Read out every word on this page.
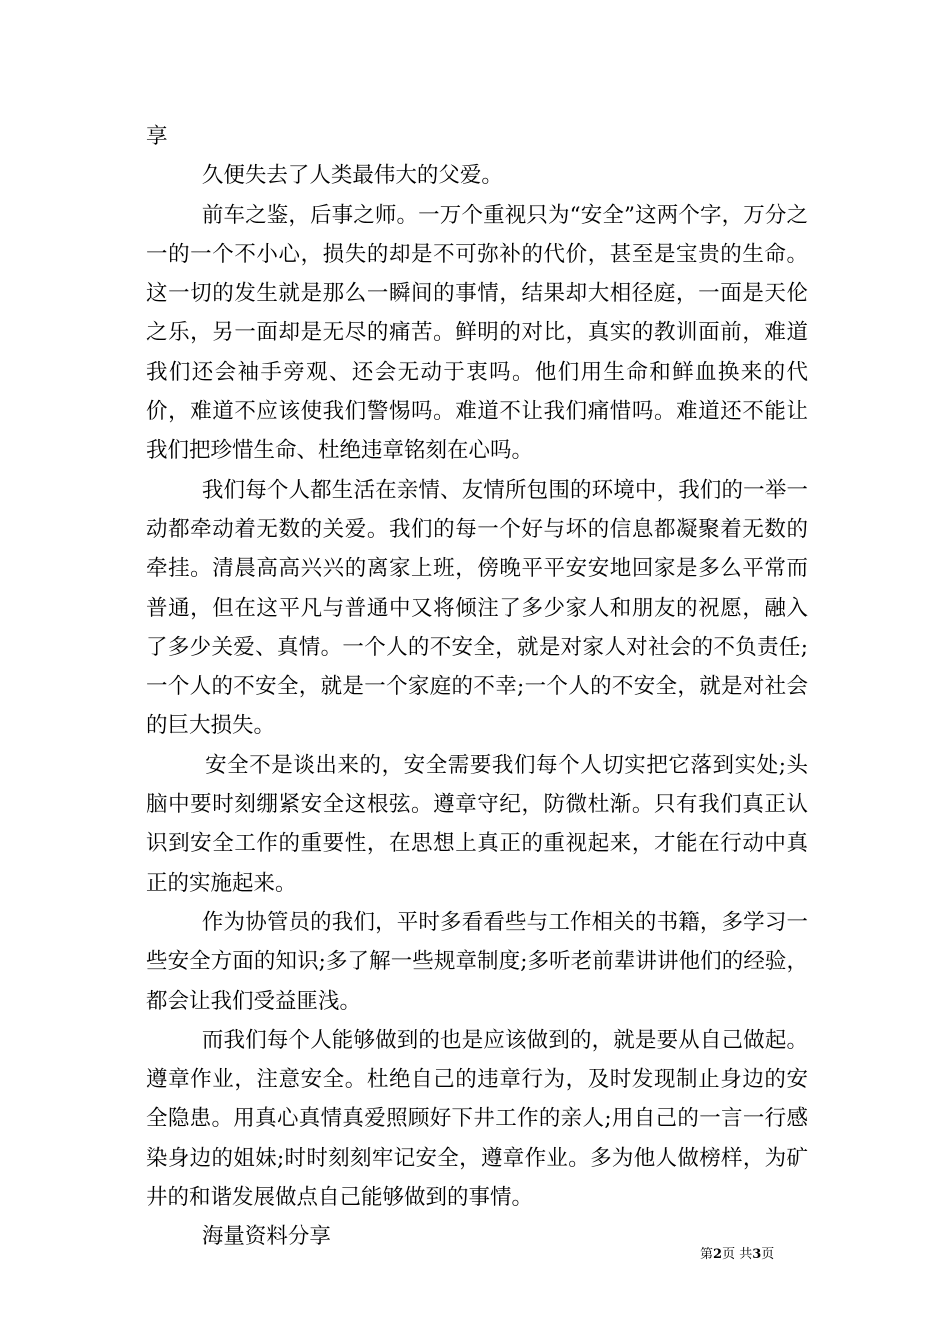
享

久便失去了人类最伟大的父爱。

前车之鉴，后事之师。一万个重视只为“安全”这两个字，万分之一的一个不小心，损失的却是不可弥补的代价，甚至是宝贵的生命。这一切的发生就是那么一瞬间的事情，结果却大相径庭，一面是天伦之乐，另一面却是无尽的痛苦。鲜明的对比，真实的教训面前，难道我们还会袖手旁观、还会无动于衷吗。他们用生命和鲜血换来的代价，难道不应该使我们警惕吗。难道不让我们痛惜吗。难道还不能让我们把珍惜生命、杜绝违章铭刻在心吗。

我们每个人都生活在亲情、友情所包围的环境中，我们的一举一动都牵动着无数的关爱。我们的每一个好与坏的信息都凝聚着无数的牵挂。清晨高高兴兴的离家上班，傍晚平平安安地回家是多么平常而普通，但在这平凡与普通中又将倾注了多少家人和朋友的祝愿，融入了多少关爱、真情。一个人的不安全，就是对家人对社会的不负责任;一个人的不安全，就是一个家庭的不幸;一个人的不安全，就是对社会的巨大损失。

安全不是谈出来的，安全需要我们每个人切实把它落到实处;头脑中要时刻绷紧安全这根弦。遵章守纪，防微杜渐。只有我们真正认识到安全工作的重要性，在思想上真正的重视起来，才能在行动中真正的实施起来。

作为协管员的我们，平时多看看些与工作相关的书籍，多学习一些安全方面的知识;多了解一些规章制度;多听老前辈讲讲他们的经验，都会让我们受益匪浅。

而我们每个人能够做到的也是应该做到的，就是要从自己做起。遵章作业，注意安全。杜绝自己的违章行为，及时发现制止身边的安全隐患。用真心真情真爱照顾好下井工作的亲人;用自己的一言一行感染身边的姐妹;时时刻刻牢记安全，遵章作业。多为他人做榜样，为矿井的和谐发展做点自己能够做到的事情。

海量资料分享

第2页 共3页
